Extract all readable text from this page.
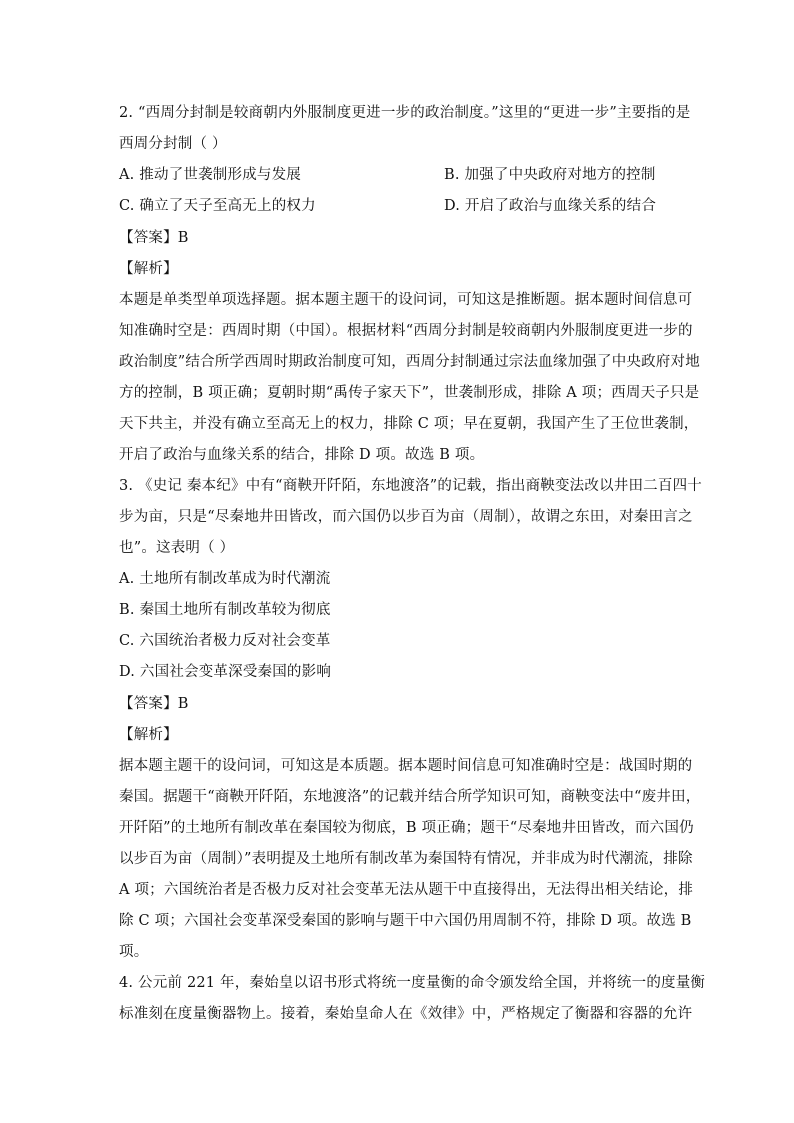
2. “西周分封制是较商朝内外服制度更进一步的政治制度。”这里的“更进一步”主要指的是
西周分封制（ ）
A. 推动了世袭制形成与发展	B. 加强了中央政府对地方的控制
C. 确立了天子至高无上的权力	D. 开启了政治与血缘关系的结合
【答案】B
【解析】
本题是单类型单项选择题。据本题主题干的设问词，可知这是推断题。据本题时间信息可
知准确时空是：西周时期（中国）。根据材料“西周分封制是较商朝内外服制度更进一步的
政治制度”结合所学西周时期政治制度可知，西周分封制通过宗法血缘加强了中央政府对地
方的控制，B 项正确；夏朝时期“禹传子家天下”，世袭制形成，排除 A 项；西周天子只是
天下共主，并没有确立至高无上的权力，排除 C 项；早在夏朝，我国产生了王位世袭制，
开启了政治与血缘关系的结合，排除 D 项。故选 B 项。
3. 《史记 秦本纪》中有“商鞅开阡陌，东地渡洛”的记载，指出商鞅变法改以井田二百四十
步为亩，只是“尽秦地井田皆改，而六国仍以步百为亩（周制），故谓之东田，对秦田言之
也”。这表明（ ）
A. 土地所有制改革成为时代潮流
B. 秦国土地所有制改革较为彻底
C. 六国统治者极力反对社会变革
D. 六国社会变革深受秦国的影响
【答案】B
【解析】
据本题主题干的设问词，可知这是本质题。据本题时间信息可知准确时空是：战国时期的
秦国。据题干“商鞅开阡陌，东地渡洛”的记载并结合所学知识可知，商鞅变法中“废井田，
开阡陌”的土地所有制改革在秦国较为彻底，B 项正确；题干“尽秦地井田皆改，而六国仍
以步百为亩（周制）”表明提及土地所有制改革为秦国特有情况，并非成为时代潮流，排除
A 项；六国统治者是否极力反对社会变革无法从题干中直接得出，无法得出相关结论，排
除 C 项；六国社会变革深受秦国的影响与题干中六国仍用周制不符，排除 D 项。故选 B
项。
4. 公元前 221 年，秦始皇以诏书形式将统一度量衡的命令颁发给全国，并将统一的度量衡
标准刻在度量衡器物上。接着，秦始皇命人在《效律》中，严格规定了衡器和容器的允许
